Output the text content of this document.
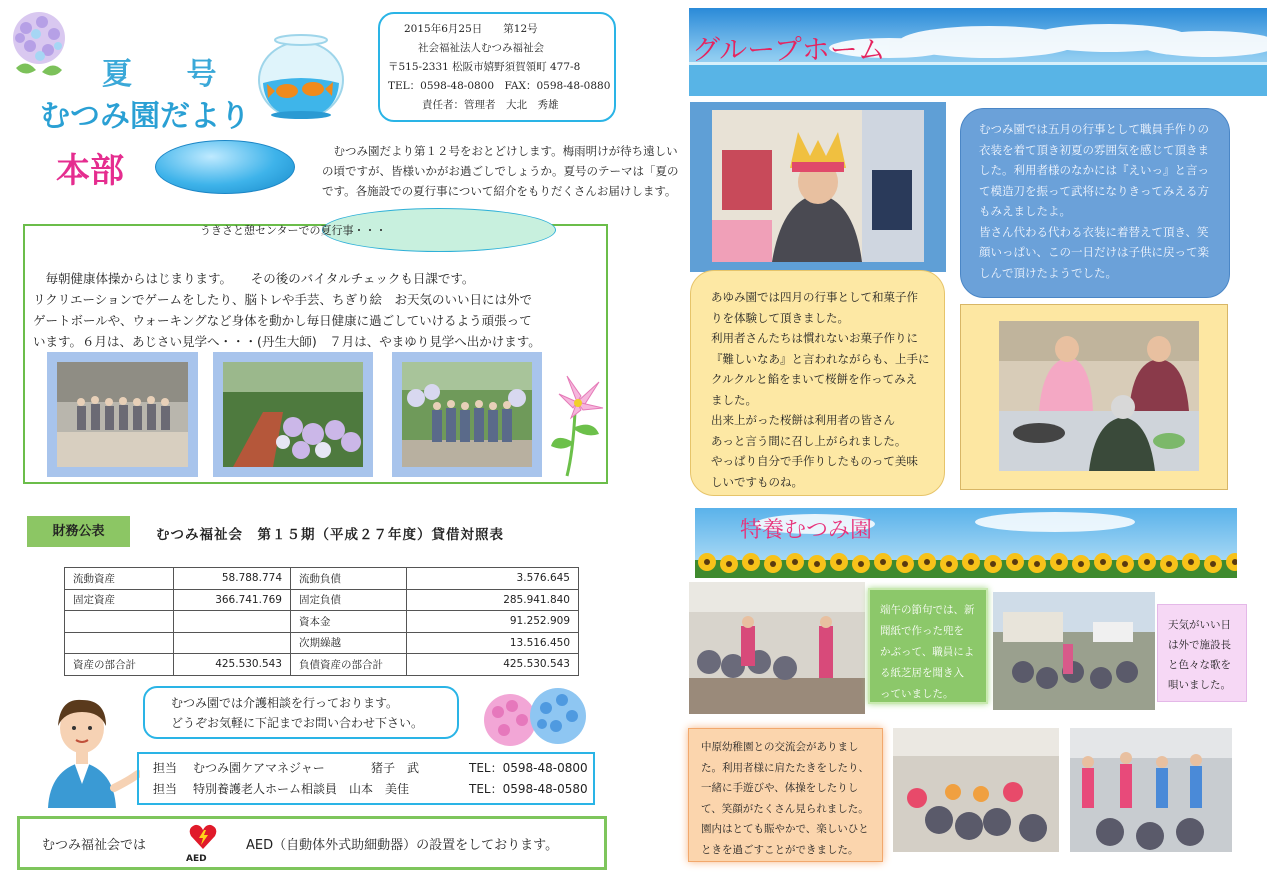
夏 号
むつみ園だより
2015年6月25日　　第12号
社会福祉法人むつみ福祉会
〒515-2331 松阪市嬉野須賀領町 477-8
TEL：0598-48-0800　FAX：0598-48-0880
責任者：管理者　大北　秀雄
本部	　むつみ園だより第１２号をおとどけします。梅雨明けが待ち遠しい
の頃ですが、皆様いかがお過ごしでしょうか。夏号のテーマは「夏の
です。各施設での夏行事について紹介をもりだくさんお届けします。
うきさと憩センターでの夏行事・・・
　毎朝健康体操からはじまります。　　その後のバイタルチェックも日課です。
リクリエーションでゲームをしたり、脳トレや手芸、ちぎり絵　お天気のいい日には外で
ゲートボールや、ウォーキングなど身体を動かし毎日健康に過ごしていけるよう頑張って
います。６月は、あじさい見学へ・・・(丹生大師)　７月は、やまゆり見学へ出かけます。
財務公表	むつみ福祉会　第１５期（平成２７年度）貸借対照表
流動資産	58.788.774	流動負債	3.576.645
固定資産	366.741.769	固定負債	285.941.840
		資本金	91.252.909
		次期繰越	13.516.450
資産の部合計	425.530.543	負債資産の部合計	425.530.543
むつみ園では介護相談を行っております。
どうぞお気軽に下記までお問い合わせ下さい。
担当 むつみ園ケアマネジャー	猪子　武	TEL：0598-48-0800
担当 特別養護老人ホーム相談員 山本　美佳	TEL：0598-48-0580
むつみ福祉会では
AED
AED（自動体外式助細動器）の設置をしております。
グループホーム
むつみ園では五月の行事として職員手作りの
衣装を着て頂き初夏の雰囲気を感じて頂きま
した。利用者様のなかには『えいっ』と言っ
て模造刀を振って武将になりきってみえる方
もみえましたよ。
皆さん代わる代わる衣装に着替えて頂き、笑
顔いっぱい、この一日だけは子供に戻って楽
しんで頂けたようでした。
あゆみ園では四月の行事として和菓子作
りを体験して頂きました。
利用者さんたちは慣れないお菓子作りに
『難しいなあ』と言われながらも、上手に
クルクルと餡をまいて桜餅を作ってみえ
ました。
出来上がった桜餅は利用者の皆さん
あっと言う間に召し上がられました。
やっぱり自分で手作りしたものって美味
しいですものね。
特養むつみ園
端午の節句では、新
聞紙で作った兜を
かぶって、職員によ
る紙芝居を聞き入
っていました。
天気がいい日
は外で施設長
と色々な歌を
唄いました。
中原幼稚園との交流会がありまし
た。利用者様に肩たたきをしたり、
一緒に手遊びや、体操をしたりし
て、笑顔がたくさん見られました。
園内はとても賑やかで、楽しいひと
ときを過ごすことができました。
